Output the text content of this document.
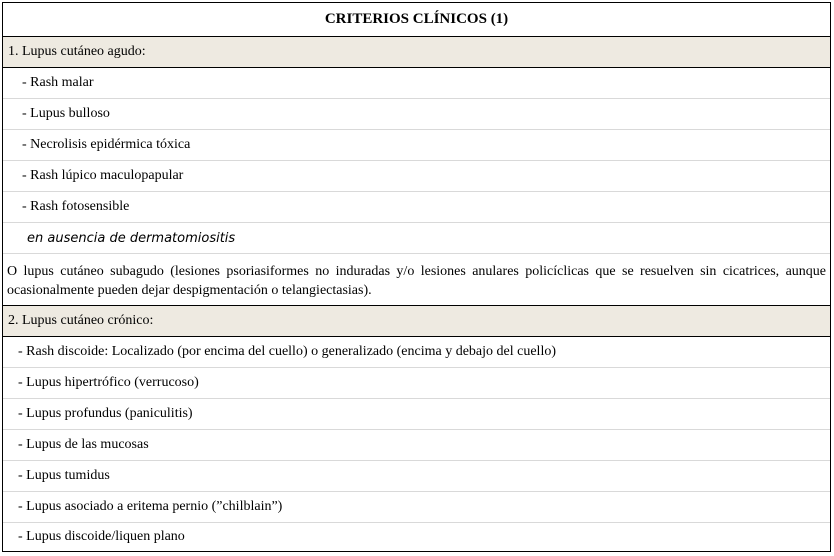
CRITERIOS CLÍNICOS (1)
1. Lupus cutáneo agudo:
- Rash malar
- Lupus bulloso
- Necrolisis epidérmica tóxica
- Rash lúpico maculopapular
- Rash fotosensible
en ausencia de dermatomiositis
O lupus cutáneo subagudo (lesiones psoriasiformes no induradas y/o lesiones anulares policíclicas que se resuelven sin cicatrices, aunque ocasionalmente pueden dejar despigmentación o telangiectasias).
2. Lupus cutáneo crónico:
- Rash discoide: Localizado (por encima del cuello) o generalizado (encima y debajo del cuello)
- Lupus hipertrófico (verrucoso)
- Lupus profundus (paniculitis)
- Lupus de las mucosas
- Lupus tumidus
- Lupus asociado a eritema pernio (”chilblain”)
- Lupus discoide/liquen plano
